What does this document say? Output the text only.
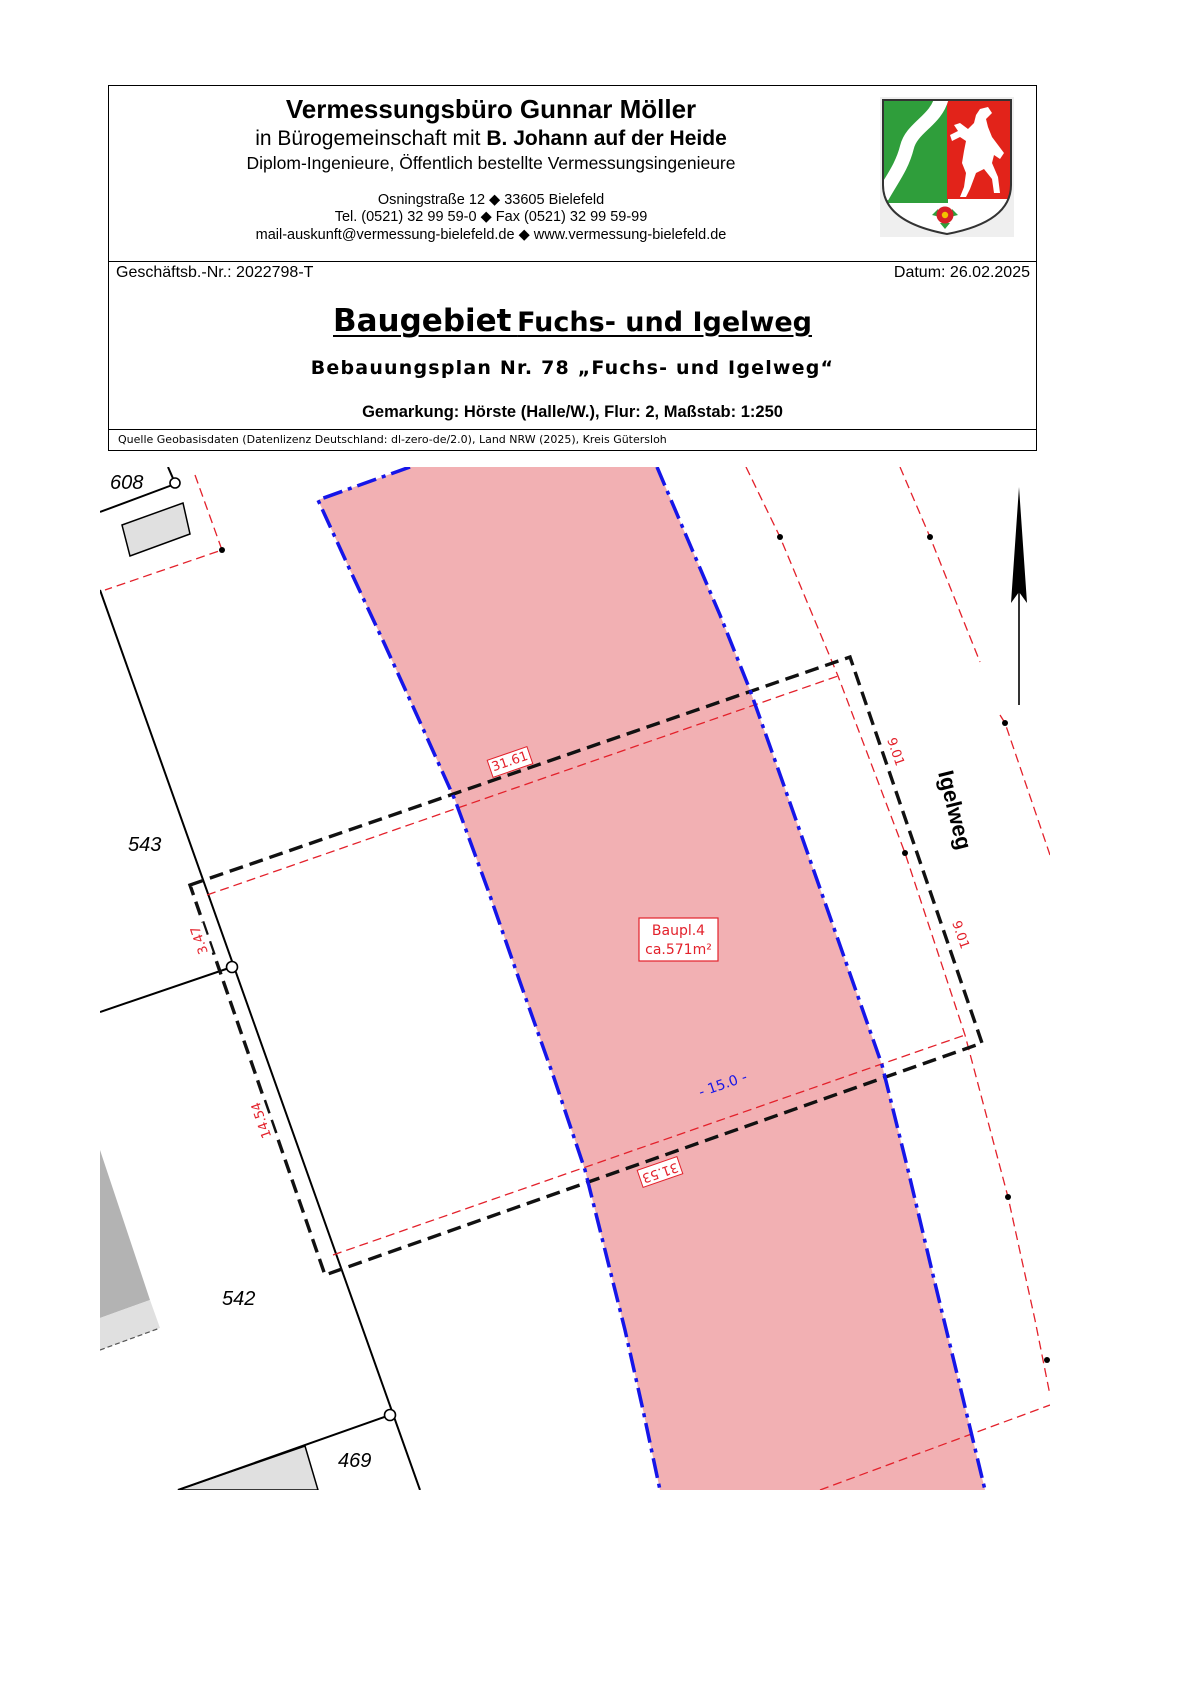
Vermessungsbüro Gunnar Möller
in Bürogemeinschaft mit B. Johann auf der Heide
Diplom-Ingenieure, Öffentlich bestellte Vermessungsingenieure
Osningstraße 12 ◆ 33605 Bielefeld
Tel. (0521) 32 99 59-0 ◆ Fax (0521) 32 99 59-99
mail-auskunft@vermessung-bielefeld.de ◆ www.vermessung-bielefeld.de
Geschäftsb.-Nr.: 2022798-T	Datum: 26.02.2025
Baugebiet Fuchs- und Igelweg
Bebauungsplan Nr. 78 „Fuchs- und Igelweg“
Gemarkung: Hörste (Halle/W.), Flur: 2, Maßstab: 1:250
Quelle Geobasisdaten (Datenlizenz Deutschland: dl-zero-de/2.0), Land NRW (2025), Kreis Gütersloh
608
543
542
469
Igelweg
31.61
31.53
3.47
14.54
9.01
9.01
- 15.0 -
Baupl.4
ca.571m²
